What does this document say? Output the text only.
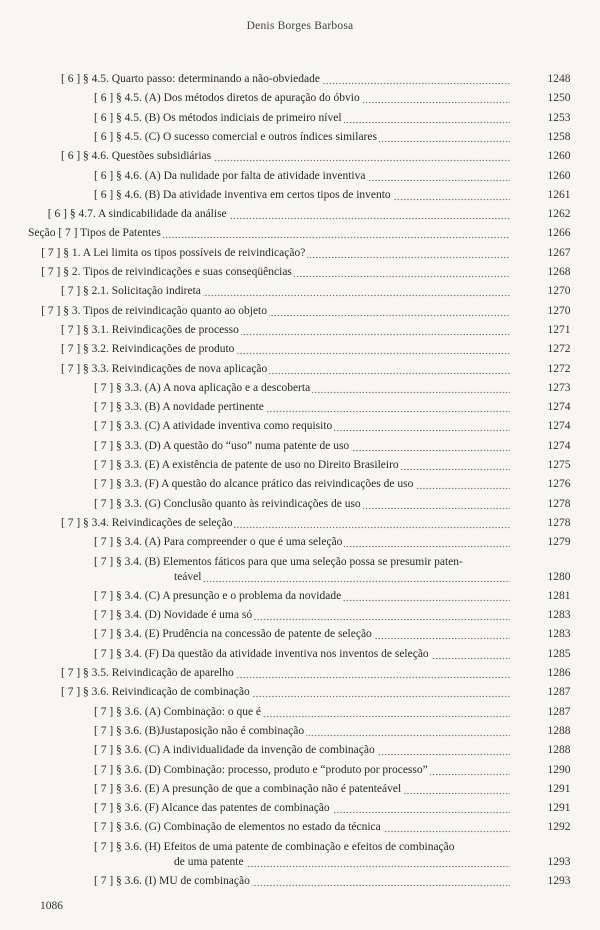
Denis Borges Barbosa
[ 6 ] § 4.5. Quarto passo: determinando a não-obviedade	1248
[ 6 ] § 4.5. (A) Dos métodos diretos de apuração do óbvio	1250
[ 6 ] § 4.5. (B) Os métodos indiciais de primeiro nível	1253
[ 6 ] § 4.5. (C) O sucesso comercial e outros índices similares	1258
[ 6 ] § 4.6. Questões subsidiárias	1260
[ 6 ] § 4.6. (A) Da nulidade por falta de atividade inventiva	1260
[ 6 ] § 4.6. (B) Da atividade inventiva em certos tipos de invento	1261
[ 6 ] § 4.7. A sindicabilidade da análise	1262
Seção [ 7 ] Tipos de Patentes	1266
[ 7 ] § 1. A Lei limita os tipos possíveis de reivindicação?	1267
[ 7 ] § 2. Tipos de reivindicações e suas conseqüências	1268
[ 7 ] § 2.1. Solicitação indireta	1270
[ 7 ] § 3. Tipos de reivindicação quanto ao objeto	1270
[ 7 ] § 3.1. Reivindicações de processo	1271
[ 7 ] § 3.2. Reivindicações de produto	1272
[ 7 ] § 3.3. Reivindicações de nova aplicação	1272
[ 7 ] § 3.3. (A) A nova aplicação e a descoberta	1273
[ 7 ] § 3.3. (B) A novidade pertinente	1274
[ 7 ] § 3.3. (C) A atividade inventiva como requisito	1274
[ 7 ] § 3.3. (D) A questão do “uso” numa patente de uso	1274
[ 7 ] § 3.3. (E) A existência de patente de uso no Direito Brasileiro	1275
[ 7 ] § 3.3. (F) A questão do alcance prático das reivindicações de uso	1276
[ 7 ] § 3.3. (G) Conclusão quanto às reivindicações de uso	1278
[ 7 ] § 3.4. Reivindicações de seleção	1278
[ 7 ] § 3.4. (A) Para compreender o que é uma seleção	1279
[ 7 ] § 3.4. (B) Elementos fáticos para que uma seleção possa se presumir paten-
teável	1280
[ 7 ] § 3.4. (C) A presunção e o problema da novidade	1281
[ 7 ] § 3.4. (D) Novidade é uma só	1283
[ 7 ] § 3.4. (E) Prudência na concessão de patente de seleção	1283
[ 7 ] § 3.4. (F) Da questão da atividade inventiva nos inventos de seleção	1285
[ 7 ] § 3.5. Reivindicação de aparelho	1286
[ 7 ] § 3.6. Reivindicação de combinação	1287
[ 7 ] § 3.6. (A) Combinação: o que é	1287
[ 7 ] § 3.6. (B)Justaposição não é combinação	1288
[ 7 ] § 3.6. (C) A individualidade da invenção de combinação	1288
[ 7 ] § 3.6. (D) Combinação: processo, produto e “produto por processo”	1290
[ 7 ] § 3.6. (E) A presunção de que a combinação não é patenteável	1291
[ 7 ] § 3.6. (F) Alcance das patentes de combinação	1291
[ 7 ] § 3.6. (G) Combinação de elementos no estado da técnica	1292
[ 7 ] § 3.6. (H) Efeitos de uma patente de combinação e efeitos de combinação
de uma patente	1293
[ 7 ] § 3.6. (I) MU de combinação	1293
1086
